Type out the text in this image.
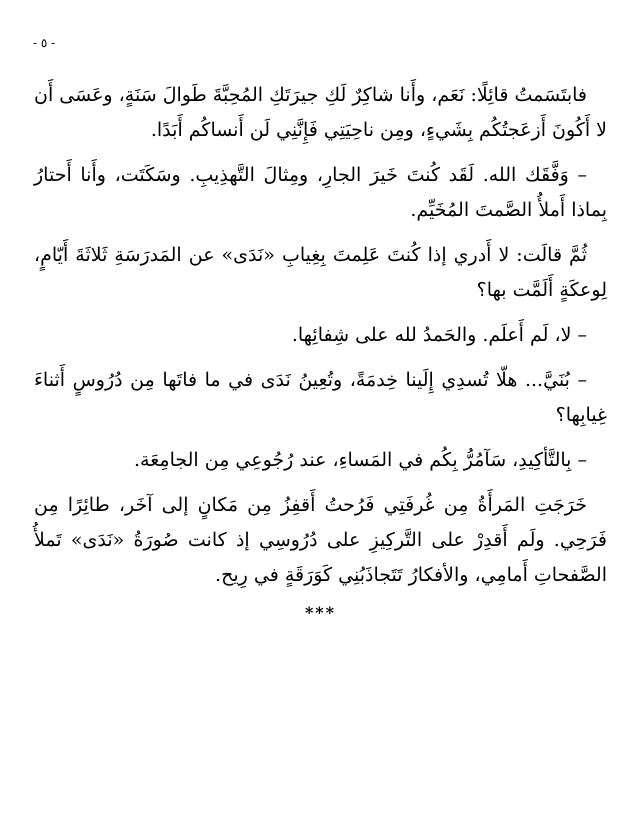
- ٥ -

فابتَسَمتُ قائِلًا: نَعَم، وأَنا شاكِرٌ لَكِ جيرَتَكِ المُحِبَّةَ طَوالَ سَنَةٍ، وعَسَى أَن لا أَكُونَ أَزعَجتُكُم بِشَيءٍ، ومِن ناحِيَتِي فَإِنَّنِي لَن أَنساكُم أَبَدًا.

– وَفَّقَك الله. لَقَد كُنتَ خَيرَ الجارِ، ومِثالَ التَّهذِيبِ. وسَكَتَت، وأَنا أَحتارُ بِماذا أَملأُ الصَّمتَ المُخَيِّم.

ثُمَّ قالَت: لا أَدري إذا كُنتَ عَلِمتَ بِغِيابِ «نَدَى» عن المَدرَسَةِ ثَلاثَةَ أَيّامٍ، لِوعكَةٍ أَلَمَّت بها؟

– لا، لَم أَعلَم. والحَمدُ لله على شِفائِها.

– بُنَيَّ... هلّا تُسدِي إِلَينا خِدمَةً، وتُعِينُ نَدَى في ما فاتَها مِن دُرُوسٍ أَثناءَ غِيابِها؟

– بِالتَّأكِيدِ، سَآمُرُّ بِكُم في المَساءِ، عند رُجُوعِي مِن الجامِعَة.

خَرَجَتِ المَرأَةُ مِن غُرفَتِي فَرُحتُ أَقفِزُ مِن مَكانٍ إلى آخَر، طائِرًا مِن فَرَحِي. ولَم أَقدِرْ على التَّركِيزِ على دُرُوسِي إذ كانت صُورَةُ «نَدَى» تَملأُ الصَّفحاتِ أَمامِي، والأفكارُ تَتَجاذَبُنِي كَوَرَقَةٍ في رِيح.

***
